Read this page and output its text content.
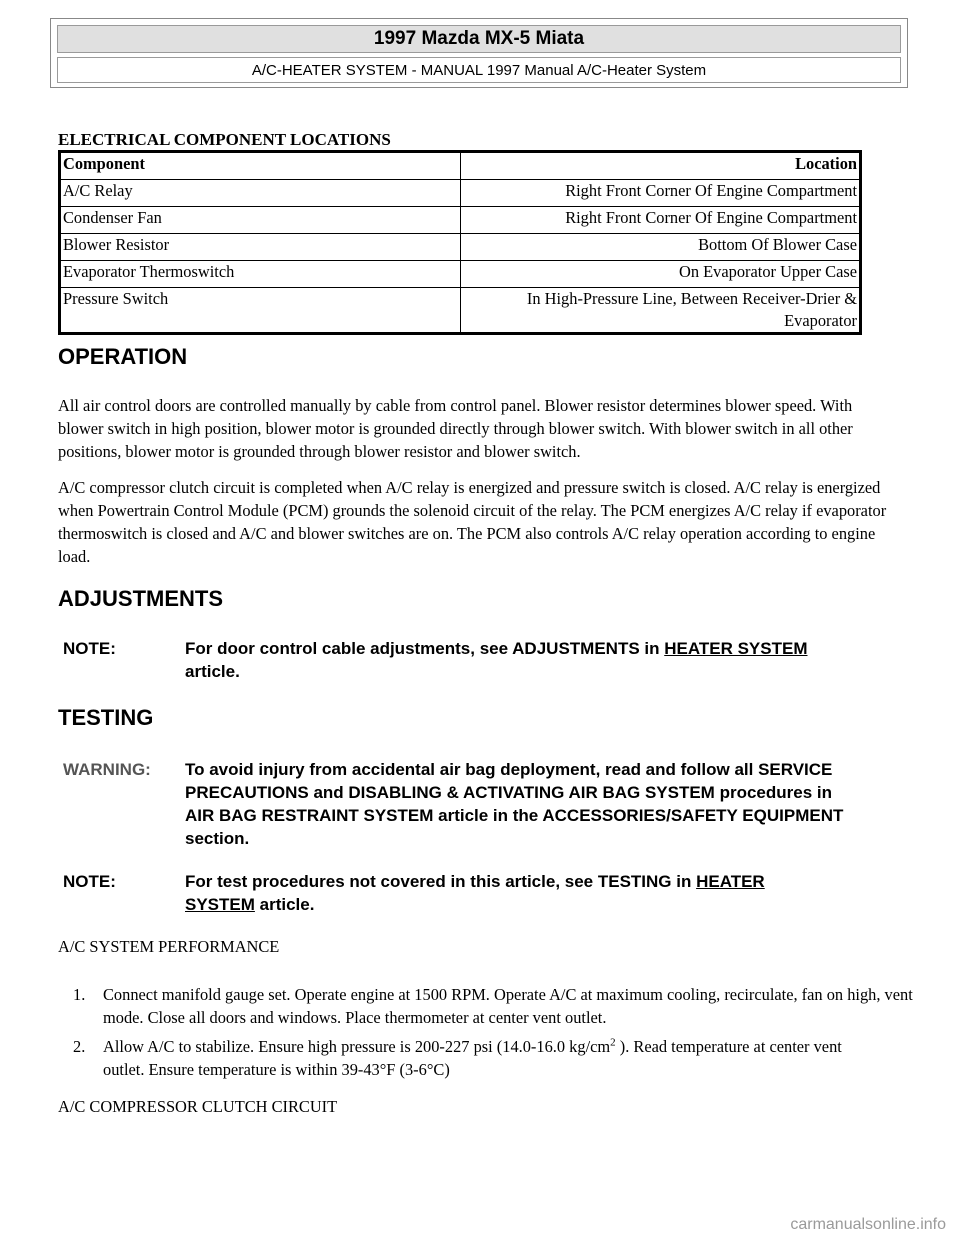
1997 Mazda MX-5 Miata
A/C-HEATER SYSTEM - MANUAL 1997 Manual A/C-Heater System
ELECTRICAL COMPONENT LOCATIONS
Component	Location
A/C Relay	Right Front Corner Of Engine Compartment
Condenser Fan	Right Front Corner Of Engine Compartment
Blower Resistor	Bottom Of Blower Case
Evaporator Thermoswitch	On Evaporator Upper Case
Pressure Switch	In High-Pressure Line, Between Receiver-Drier &
Evaporator
OPERATION
All air control doors are controlled manually by cable from control panel. Blower resistor determines blower speed. With blower switch in high position, blower motor is grounded directly through blower switch. With blower switch in all other positions, blower motor is grounded through blower resistor and blower switch.
A/C compressor clutch circuit is completed when A/C relay is energized and pressure switch is closed. A/C relay is energized when Powertrain Control Module (PCM) grounds the solenoid circuit of the relay. The PCM energizes A/C relay if evaporator thermoswitch is closed and A/C and blower switches are on. The PCM also controls A/C relay operation according to engine load.
ADJUSTMENTS
NOTE:	For door control cable adjustments, see ADJUSTMENTS in HEATER SYSTEM
article.
TESTING
WARNING:	To avoid injury from accidental air bag deployment, read and follow all SERVICE PRECAUTIONS and DISABLING & ACTIVATING AIR BAG SYSTEM procedures in AIR BAG RESTRAINT SYSTEM article in the ACCESSORIES/SAFETY EQUIPMENT section.
NOTE:	For test procedures not covered in this article, see TESTING in HEATER
SYSTEM article.
A/C SYSTEM PERFORMANCE
1.	Connect manifold gauge set. Operate engine at 1500 RPM. Operate A/C at maximum cooling, recirculate, fan on high, vent mode. Close all doors and windows. Place thermometer at center vent outlet.
2.	Allow A/C to stabilize. Ensure high pressure is 200-227 psi (14.0-16.0 $kg/cm^2$ ). Read temperature at center vent outlet. Ensure temperature is within 39-43°F (3-6°C)
A/C COMPRESSOR CLUTCH CIRCUIT
carmanualsonline.info
